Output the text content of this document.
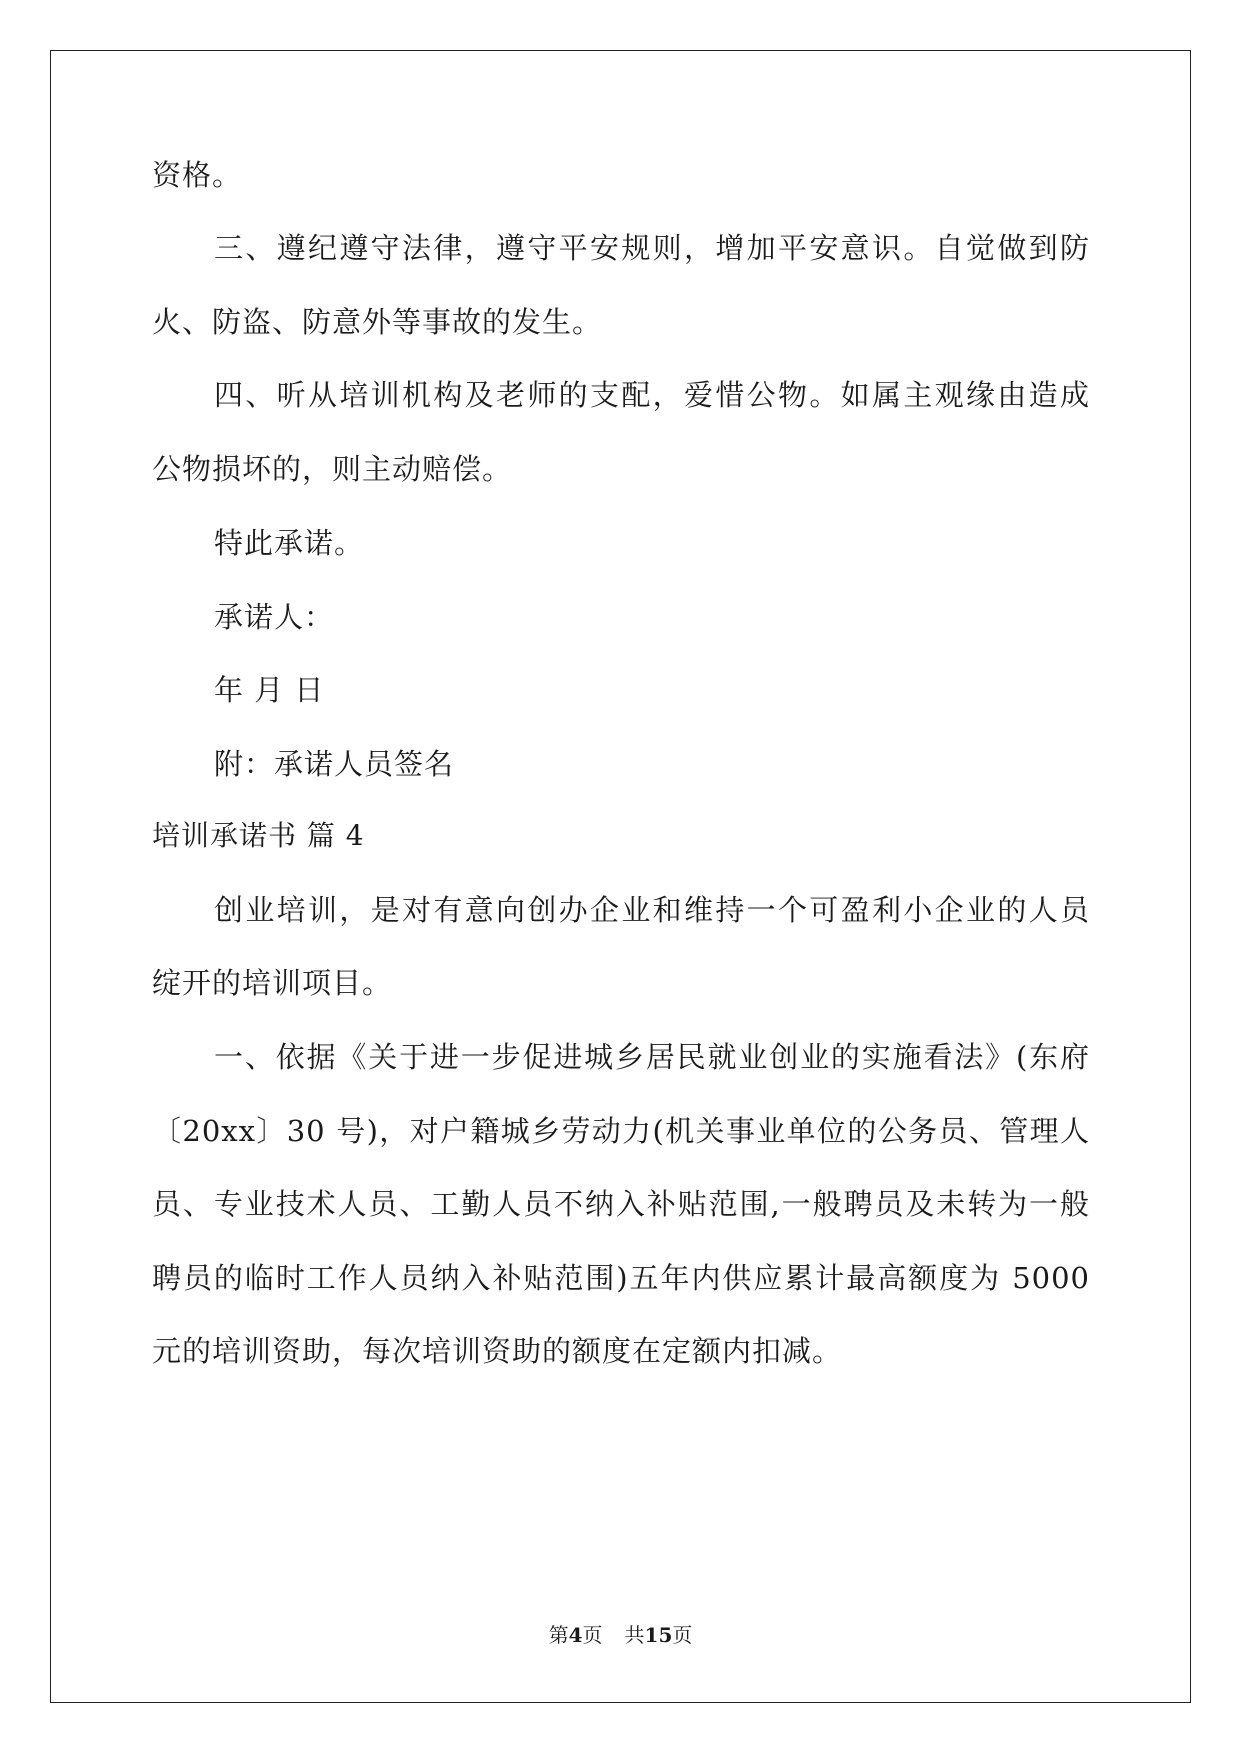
资格。
三、遵纪遵守法律，遵守平安规则，增加平安意识。自觉做到防
火、防盗、防意外等事故的发生。
四、听从培训机构及老师的支配，爱惜公物。如属主观缘由造成
公物损坏的，则主动赔偿。
特此承诺。
承诺人：
年 月 日
附：承诺人员签名
培训承诺书 篇 4
创业培训，是对有意向创办企业和维持一个可盈利小企业的人员
绽开的培训项目。
一、依据《关于进一步促进城乡居民就业创业的实施看法》(东府
〔20xx〕30 号)，对户籍城乡劳动力(机关事业单位的公务员、管理人
员、专业技术人员、工勤人员不纳入补贴范围,一般聘员及未转为一般
聘员的临时工作人员纳入补贴范围)五年内供应累计最高额度为 5000
元的培训资助，每次培训资助的额度在定额内扣减。
第4页 共15页
